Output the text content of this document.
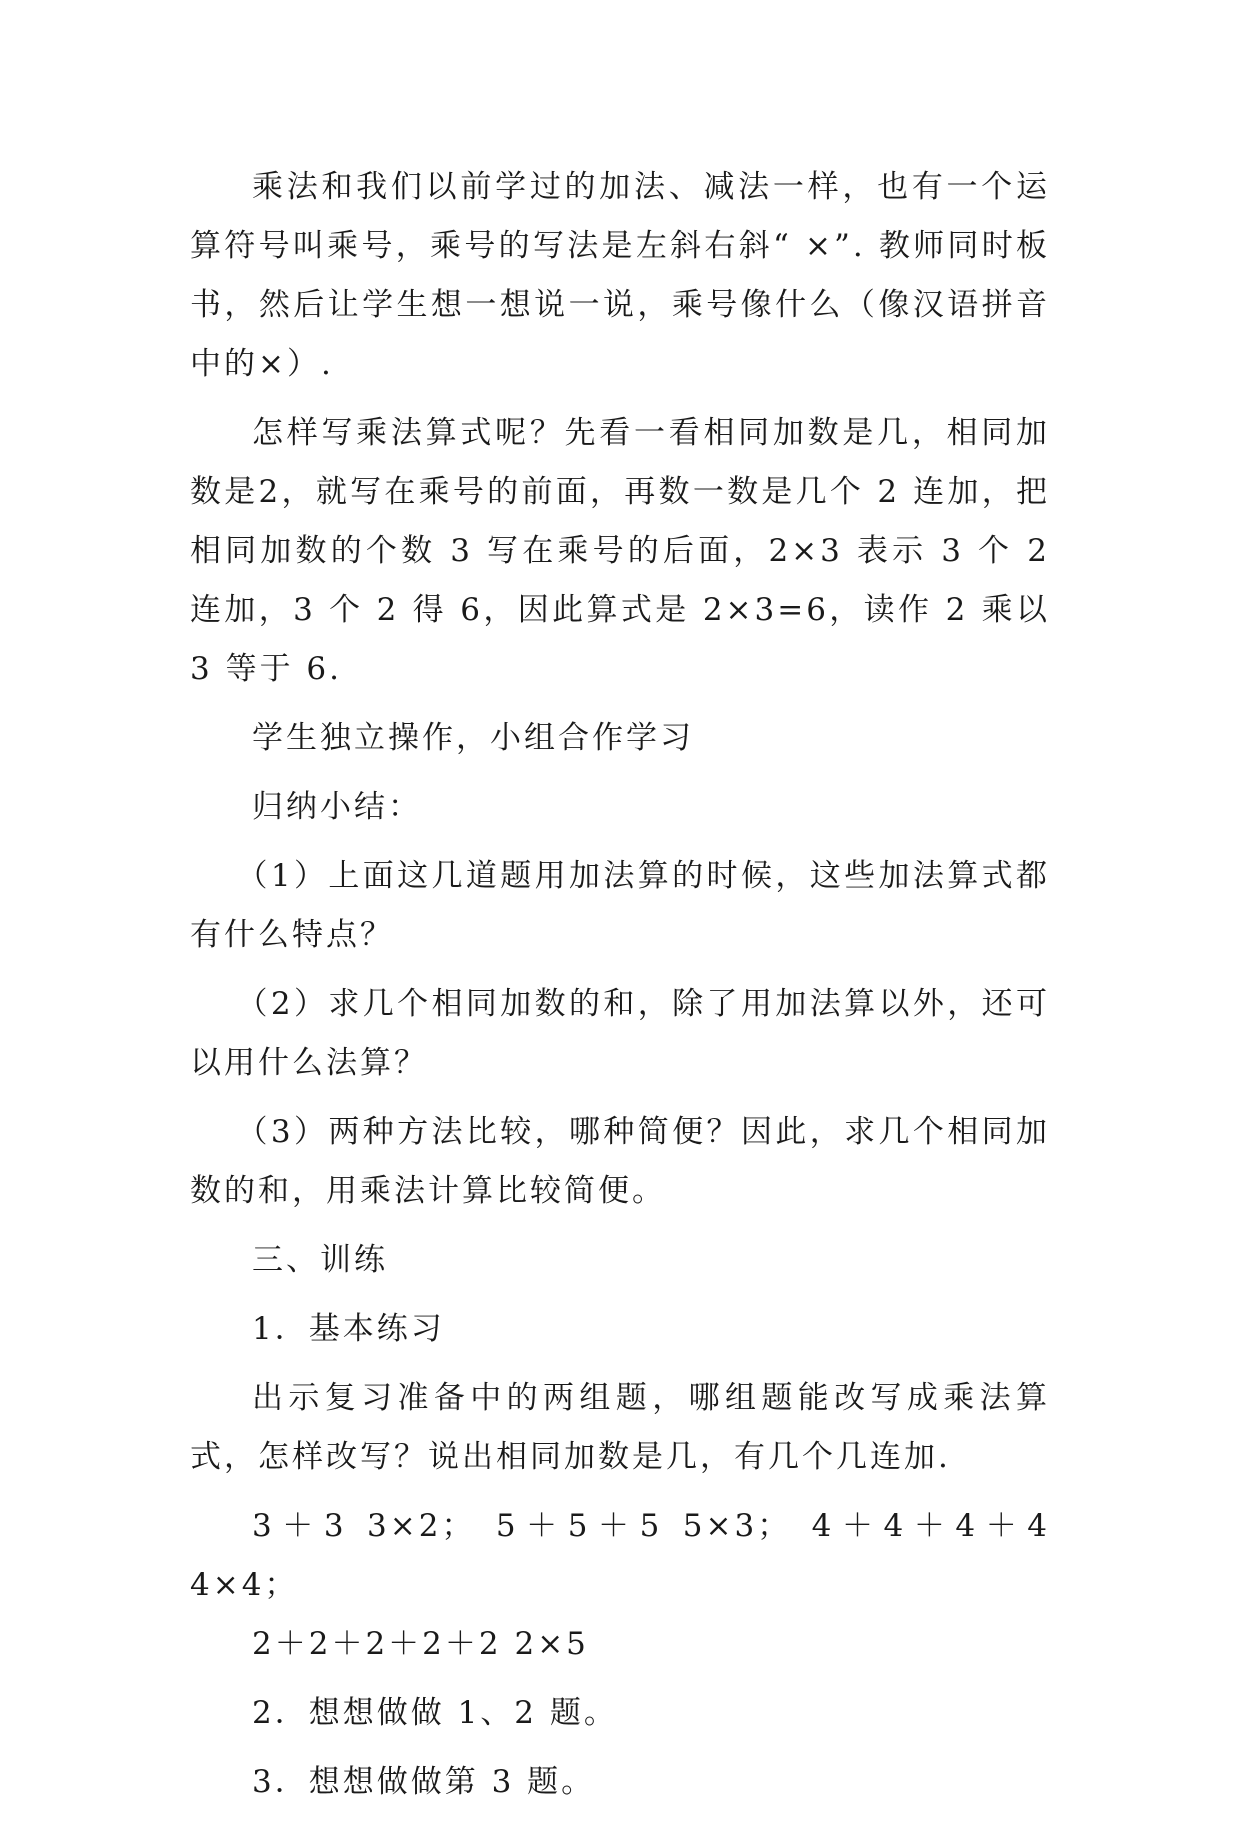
乘法和我们以前学过的加法、减法一样，也有一个运算符号叫乘号，乘号的写法是左斜右斜“ ×”. 教师同时板书，然后让学生想一想说一说，乘号像什么（像汉语拼音中的×）.

怎样写乘法算式呢？先看一看相同加数是几，相同加数是2，就写在乘号的前面，再数一数是几个 2 连加，把相同加数的个数 3 写在乘号的后面，2×3 表示 3 个 2 连加，3 个 2 得 6，因此算式是 2×3=6，读作 2 乘以 3 等于 6.

学生独立操作，小组合作学习

归纳小结：

（1）上面这几道题用加法算的时候，这些加法算式都有什么特点？

（2）求几个相同加数的和，除了用加法算以外，还可以用什么法算？

（3）两种方法比较，哪种简便？因此，求几个相同加数的和，用乘法计算比较简便。

三、训练

1．基本练习

出示复习准备中的两组题，哪组题能改写成乘法算式，怎样改写？说出相同加数是几，有几个几连加.

3＋3 3×2； 5＋5＋5 5×3； 4＋4＋4＋4 4×4；

2＋2＋2＋2＋2 2×5

2．想想做做 1、2 题。

3．想想做做第 3 题。
